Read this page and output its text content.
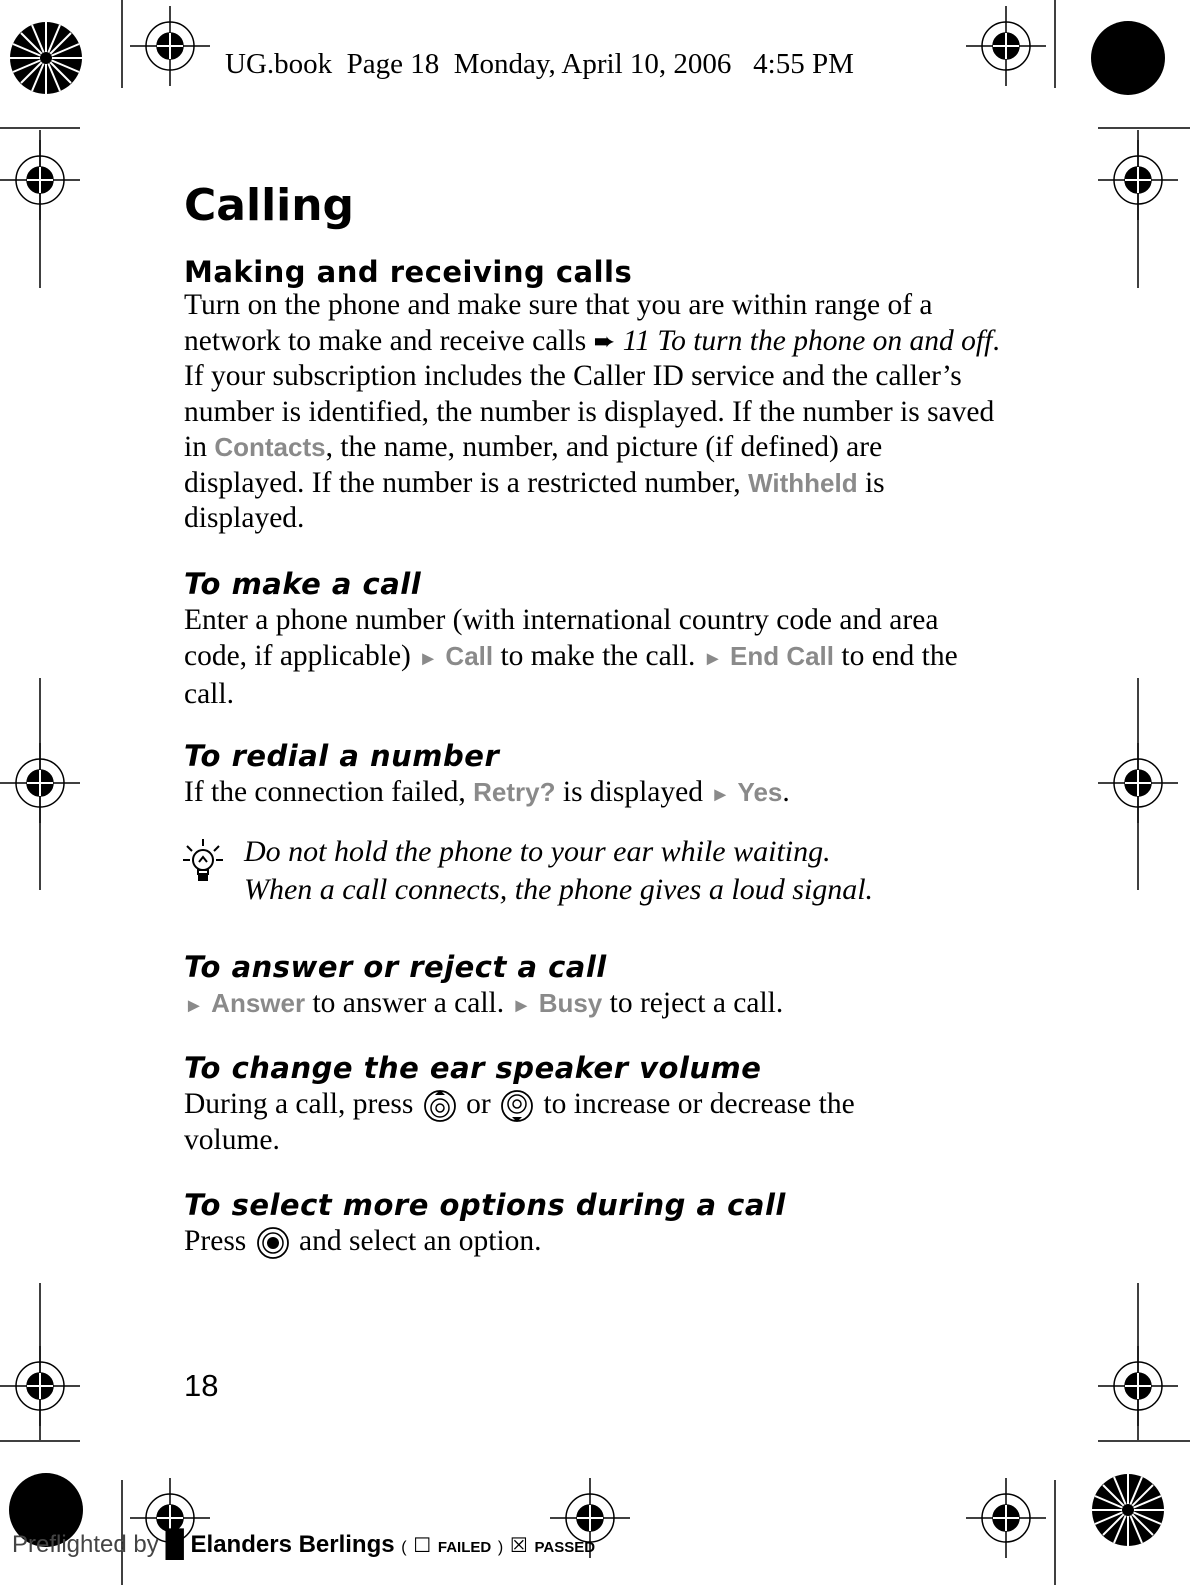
UG.book  Page 18  Monday, April 10, 2006   4:55 PM
Calling
Making and receiving calls
Turn on the phone and make sure that you are within range of a network to make and receive calls ➨ 11 To turn the phone on and off. If your subscription includes the Caller ID service and the caller’s number is identified, the number is displayed. If the number is saved in Contacts, the name, number, and picture (if defined) are displayed. If the number is a restricted number, Withheld is displayed.
To make a call
Enter a phone number (with international country code and area code, if applicable) ► Call to make the call. ► End Call to end the call.
To redial a number
If the connection failed, Retry? is displayed ► Yes.
Do not hold the phone to your ear while waiting.
When a call connects, the phone gives a loud signal.
To answer or reject a call
► Answer to answer a call. ► Busy to reject a call.
To change the ear speaker volume
During a call, press  or  to increase or decrease the volume.
To select more options during a call
Press  and select an option.
18
Preflighted by █ Elanders Berlings ( ☐ FAILED ) ☒ PASSED
